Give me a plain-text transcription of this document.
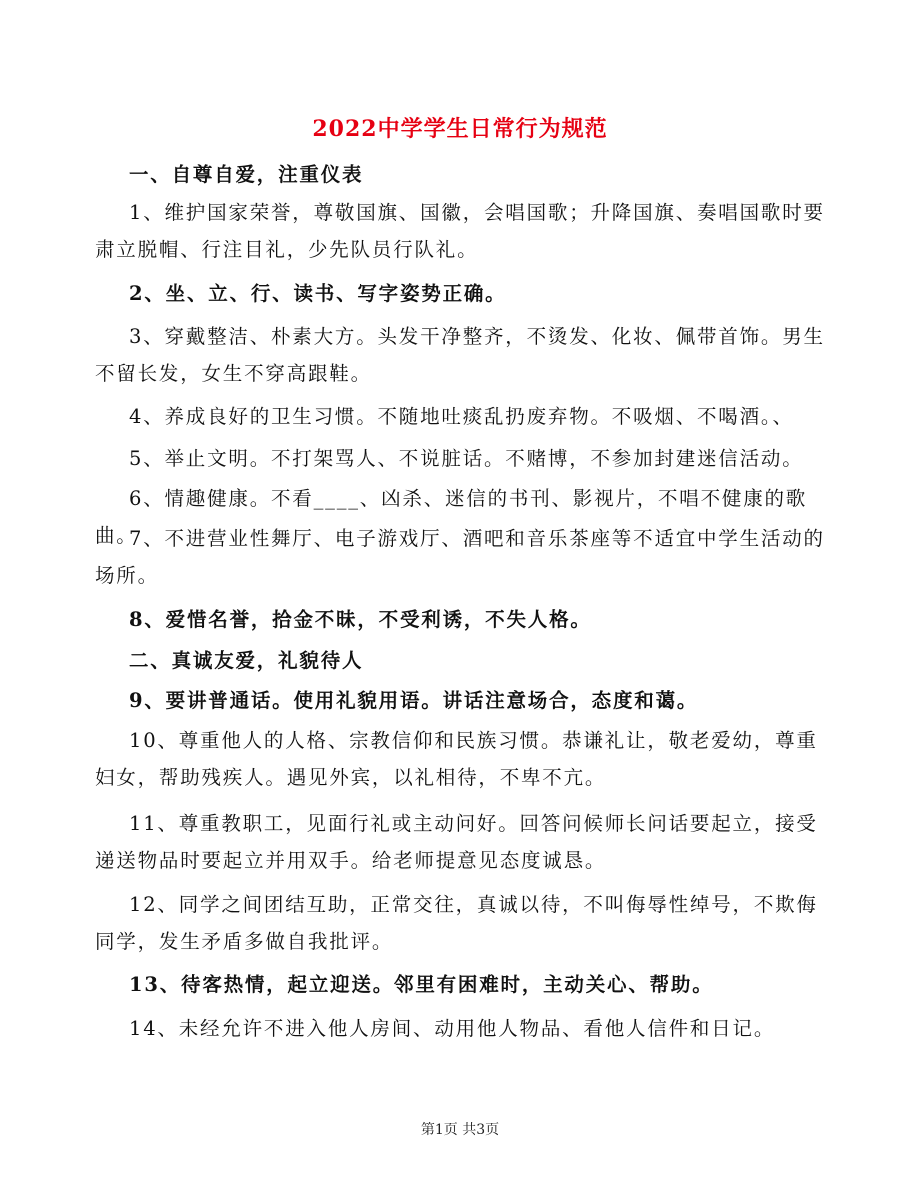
2022中学学生日常行为规范

一、自尊自爱，注重仪表

1、维护国家荣誉，尊敬国旗、国徽，会唱国歌；升降国旗、奏唱国歌时要肃立脱帽、行注目礼，少先队员行队礼。

2、坐、立、行、读书、写字姿势正确。

3、穿戴整洁、朴素大方。头发干净整齐，不烫发、化妆、佩带首饰。男生不留长发，女生不穿高跟鞋。

4、养成良好的卫生习惯。不随地吐痰乱扔废弃物。不吸烟、不喝酒。、

5、举止文明。不打架骂人、不说脏话。不赌博，不参加封建迷信活动。

6、情趣健康。不看____、凶杀、迷信的书刊、影视片，不唱不健康的歌曲。

7、不进营业性舞厅、电子游戏厅、酒吧和音乐茶座等不适宜中学生活动的场所。

8、爱惜名誉，拾金不昧，不受利诱，不失人格。

二、真诚友爱，礼貌待人

9、要讲普通话。使用礼貌用语。讲话注意场合，态度和蔼。

10、尊重他人的人格、宗教信仰和民族习惯。恭谦礼让，敬老爱幼，尊重妇女，帮助残疾人。遇见外宾，以礼相待，不卑不亢。

11、尊重教职工，见面行礼或主动问好。回答问候师长问话要起立，接受递送物品时要起立并用双手。给老师提意见态度诚恳。

12、同学之间团结互助，正常交往，真诚以待，不叫侮辱性绰号，不欺侮同学，发生矛盾多做自我批评。

13、待客热情，起立迎送。邻里有困难时，主动关心、帮助。

14、未经允许不进入他人房间、动用他人物品、看他人信件和日记。

第1页 共3页
